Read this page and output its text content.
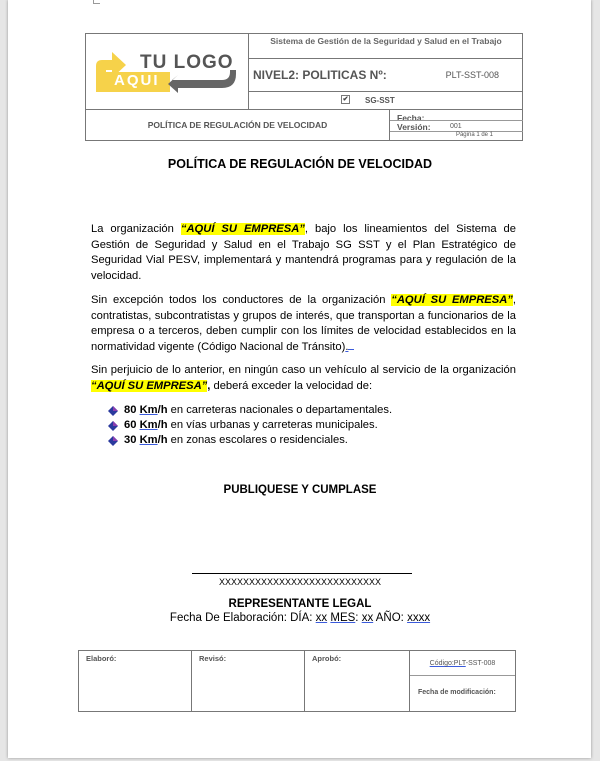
TU LOGO
AQUI
Sistema de Gestión de la Seguridad y Salud en el Trabajo
NIVEL2: POLITICAS Nº:	PLT-SST-008
✔ SG-SST
POLÍTICA DE REGULACIÓN DE VELOCIDAD
Fecha:
Versión:	001
Página 1 de 1
POLÍTICA DE REGULACIÓN DE VELOCIDAD
La organización “AQUÍ SU EMPRESA”, bajo los lineamientos del Sistema de Gestión de Seguridad y Salud en el Trabajo SG SST y el Plan Estratégico de Seguridad Vial PESV, implementará y mantendrá programas para y regulación de la velocidad.
Sin excepción todos los conductores de la organización “AQUÍ SU EMPRESA”, contratistas, subcontratistas y grupos de interés, que transportan a funcionarios de la empresa o a terceros, deben cumplir con los límites de velocidad establecidos en la normatividad vigente (Código Nacional de Tránsito).
Sin perjuicio de lo anterior, en ningún caso un vehículo al servicio de la organización “AQUÍ SU EMPRESA”, deberá exceder la velocidad de:
80 Km/h en carreteras nacionales o departamentales.
60 Km/h en vías urbanas y carreteras municipales.
30 Km/h en zonas escolares o residenciales.
PUBLIQUESE Y CUMPLASE
XXXXXXXXXXXXXXXXXXXXXXXXXXX
REPRESENTANTE LEGAL
Fecha De Elaboración: DÍA: xx MES: xx AÑO: xxxx
Elaboró:	Revisó:	Aprobó:
Código:PLT-SST-008
Fecha de modificación:
